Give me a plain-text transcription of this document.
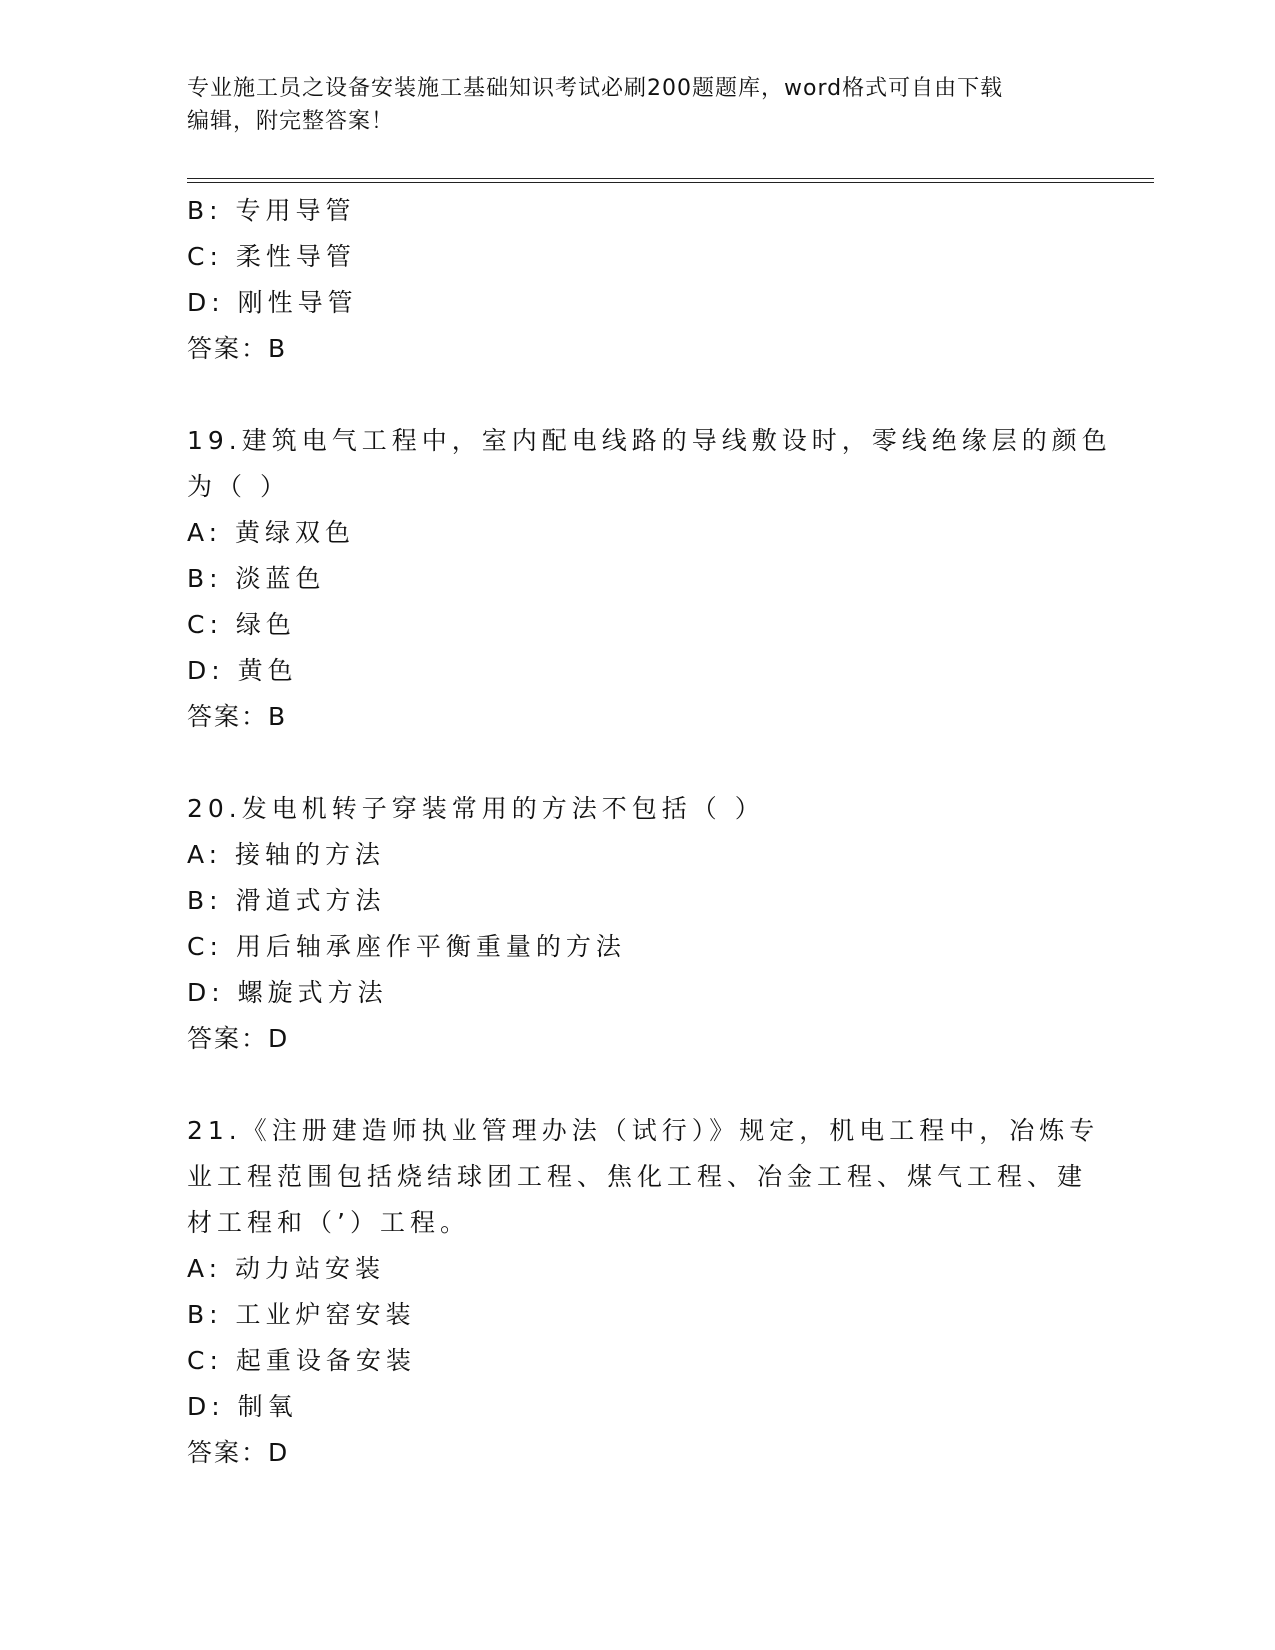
专业施工员之设备安装施工基础知识考试必刷200题题库，word格式可自由下载
编辑，附完整答案！
B: 专用导管
C: 柔性导管
D: 刚性导管
答案：B
19.建筑电气工程中，室内配电线路的导线敷设时，零线绝缘层的颜色
为（ ）
A: 黄绿双色
B: 淡蓝色
C: 绿色
D: 黄色
答案：B
20.发电机转子穿装常用的方法不包括（ ）
A: 接轴的方法
B: 滑道式方法
C: 用后轴承座作平衡重量的方法
D: 螺旋式方法
答案：D
21.《注册建造师执业管理办法（试行）》规定，机电工程中，冶炼专
业工程范围包括烧结球团工程、焦化工程、冶金工程、煤气工程、建
材工程和（’）工程。
A: 动力站安装
B: 工业炉窑安装
C: 起重设备安装
D: 制氧
答案：D
